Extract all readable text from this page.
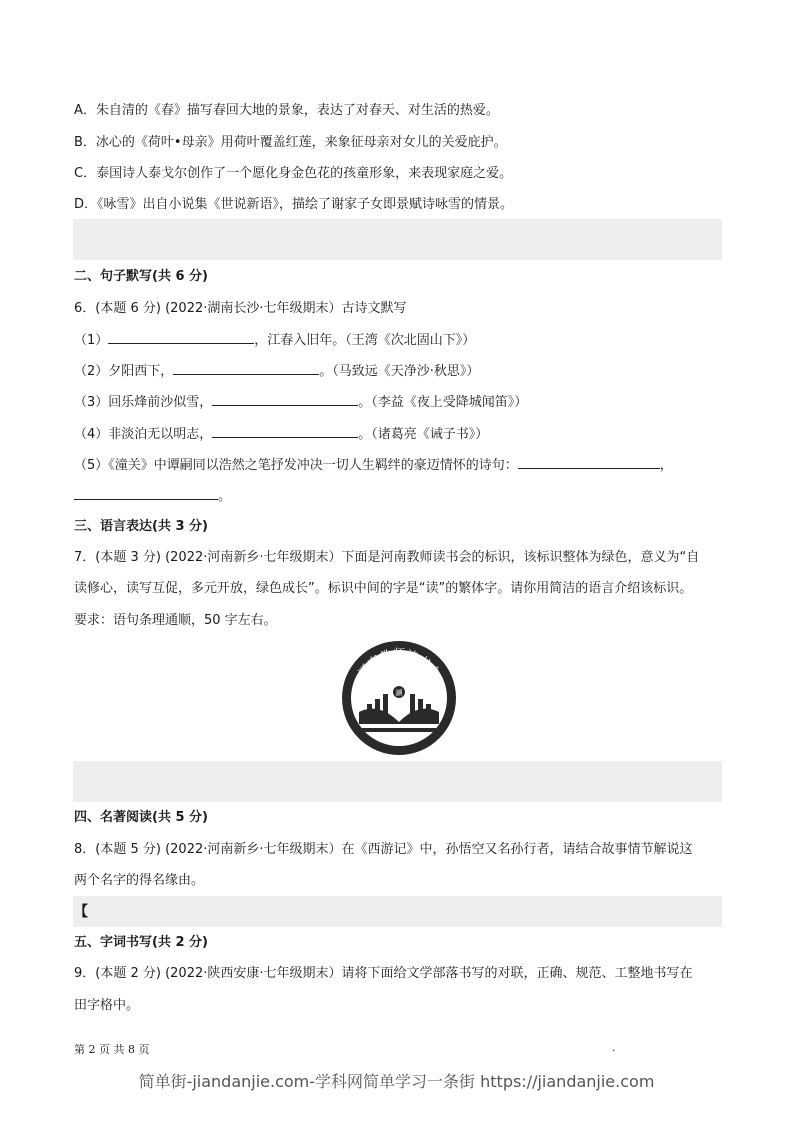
A．朱自清的《春》描写春回大地的景象，表达了对春天、对生活的热爱。
B．冰心的《荷叶•母亲》用荷叶覆盖红莲，来象征母亲对女儿的关爱庇护。
C．泰国诗人泰戈尔创作了一个愿化身金色花的孩童形象，来表现家庭之爱。
D．《咏雪》出自小说集《世说新语》，描绘了谢家子女即景赋诗咏雪的情景。
二、句子默写(共 6 分)
6．(本题 6 分) (2022·湖南长沙·七年级期末）古诗文默写
（1）	，江春入旧年。（王湾《次北固山下》）
（2）夕阳西下，	。（马致远《天净沙·秋思》）
（3）回乐烽前沙似雪，	。（李益《夜上受降城闻笛》）
（4）非淡泊无以明志，	。（诸葛亮《诫子书》）
（5）《潼关》中谭嗣同以浩然之笔抒发冲决一切人生羁绊的豪迈情怀的诗句：	，
。
三、语言表达(共 3 分)
7．(本题 3 分) (2022·河南新乡·七年级期末）下面是河南教师读书会的标识，该标识整体为绿色，意义为“自
读修心，读写互促，多元开放，绿色成长”。标识中间的字是“读”的繁体字。请你用简洁的语言介绍该标识。
要求：语句条理通顺，50 字左右。
河南教师读书会
讀
四、名著阅读(共 5 分)
8．(本题 5 分) (2022·河南新乡·七年级期末）在《西游记》中，孙悟空又名孙行者，请结合故事情节解说这
两个名字的得名缘由。
【
五、字词书写(共 2 分)
9．(本题 2 分) (2022·陕西安康·七年级期末）请将下面给文学部落书写的对联，正确、规范、工整地书写在
田字格中。
第 2 页 共 8 页	.
简单街-jiandanjie.com-学科网简单学习一条街 https://jiandanjie.com
